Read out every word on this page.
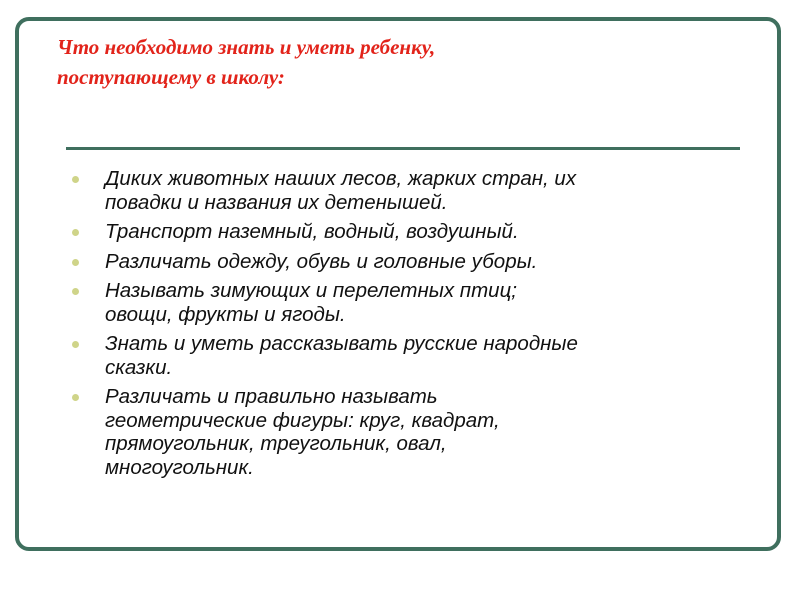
Что необходимо знать и уметь ребенку,
поступающему в школу:
Диких животных наших лесов, жарких стран, их
повадки и названия их детенышей.
Транспорт наземный, водный, воздушный.
Различать одежду, обувь и головные уборы.
Называть зимующих и перелетных птиц;
овощи, фрукты и ягоды.
Знать и уметь рассказывать русские народные
сказки.
Различать и правильно называть
геометрические фигуры: круг, квадрат,
прямоугольник, треугольник, овал,
многоугольник.
